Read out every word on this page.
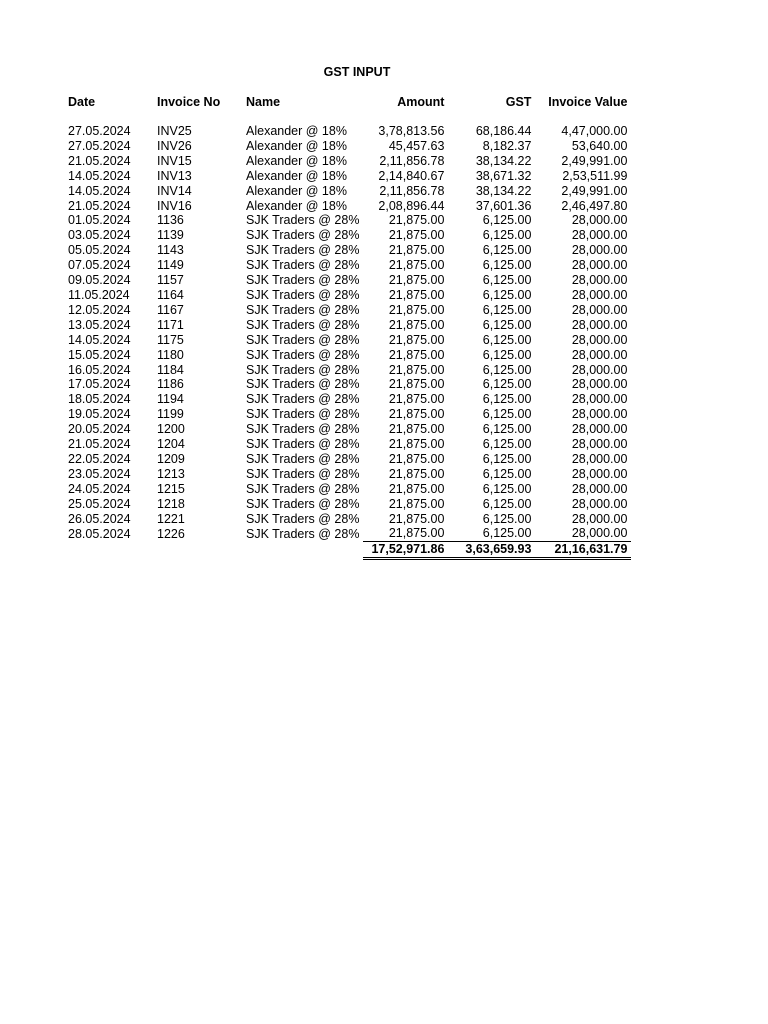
GST INPUT
Date	Invoice No	Name	Amount	GST	Invoice Value

27.05.2024	INV25	Alexander @ 18%	3,78,813.56	68,186.44	4,47,000.00
27.05.2024	INV26	Alexander @ 18%	45,457.63	8,182.37	53,640.00
21.05.2024	INV15	Alexander @ 18%	2,11,856.78	38,134.22	2,49,991.00
14.05.2024	INV13	Alexander @ 18%	2,14,840.67	38,671.32	2,53,511.99
14.05.2024	INV14	Alexander @ 18%	2,11,856.78	38,134.22	2,49,991.00
21.05.2024	INV16	Alexander @ 18%	2,08,896.44	37,601.36	2,46,497.80
01.05.2024	1136	SJK Traders @ 28%	21,875.00	6,125.00	28,000.00
03.05.2024	1139	SJK Traders @ 28%	21,875.00	6,125.00	28,000.00
05.05.2024	1143	SJK Traders @ 28%	21,875.00	6,125.00	28,000.00
07.05.2024	1149	SJK Traders @ 28%	21,875.00	6,125.00	28,000.00
09.05.2024	1157	SJK Traders @ 28%	21,875.00	6,125.00	28,000.00
11.05.2024	1164	SJK Traders @ 28%	21,875.00	6,125.00	28,000.00
12.05.2024	1167	SJK Traders @ 28%	21,875.00	6,125.00	28,000.00
13.05.2024	1171	SJK Traders @ 28%	21,875.00	6,125.00	28,000.00
14.05.2024	1175	SJK Traders @ 28%	21,875.00	6,125.00	28,000.00
15.05.2024	1180	SJK Traders @ 28%	21,875.00	6,125.00	28,000.00
16.05.2024	1184	SJK Traders @ 28%	21,875.00	6,125.00	28,000.00
17.05.2024	1186	SJK Traders @ 28%	21,875.00	6,125.00	28,000.00
18.05.2024	1194	SJK Traders @ 28%	21,875.00	6,125.00	28,000.00
19.05.2024	1199	SJK Traders @ 28%	21,875.00	6,125.00	28,000.00
20.05.2024	1200	SJK Traders @ 28%	21,875.00	6,125.00	28,000.00
21.05.2024	1204	SJK Traders @ 28%	21,875.00	6,125.00	28,000.00
22.05.2024	1209	SJK Traders @ 28%	21,875.00	6,125.00	28,000.00
23.05.2024	1213	SJK Traders @ 28%	21,875.00	6,125.00	28,000.00
24.05.2024	1215	SJK Traders @ 28%	21,875.00	6,125.00	28,000.00
25.05.2024	1218	SJK Traders @ 28%	21,875.00	6,125.00	28,000.00
26.05.2024	1221	SJK Traders @ 28%	21,875.00	6,125.00	28,000.00
28.05.2024	1226	SJK Traders @ 28%	21,875.00	6,125.00	28,000.00
			17,52,971.86	3,63,659.93	21,16,631.79
